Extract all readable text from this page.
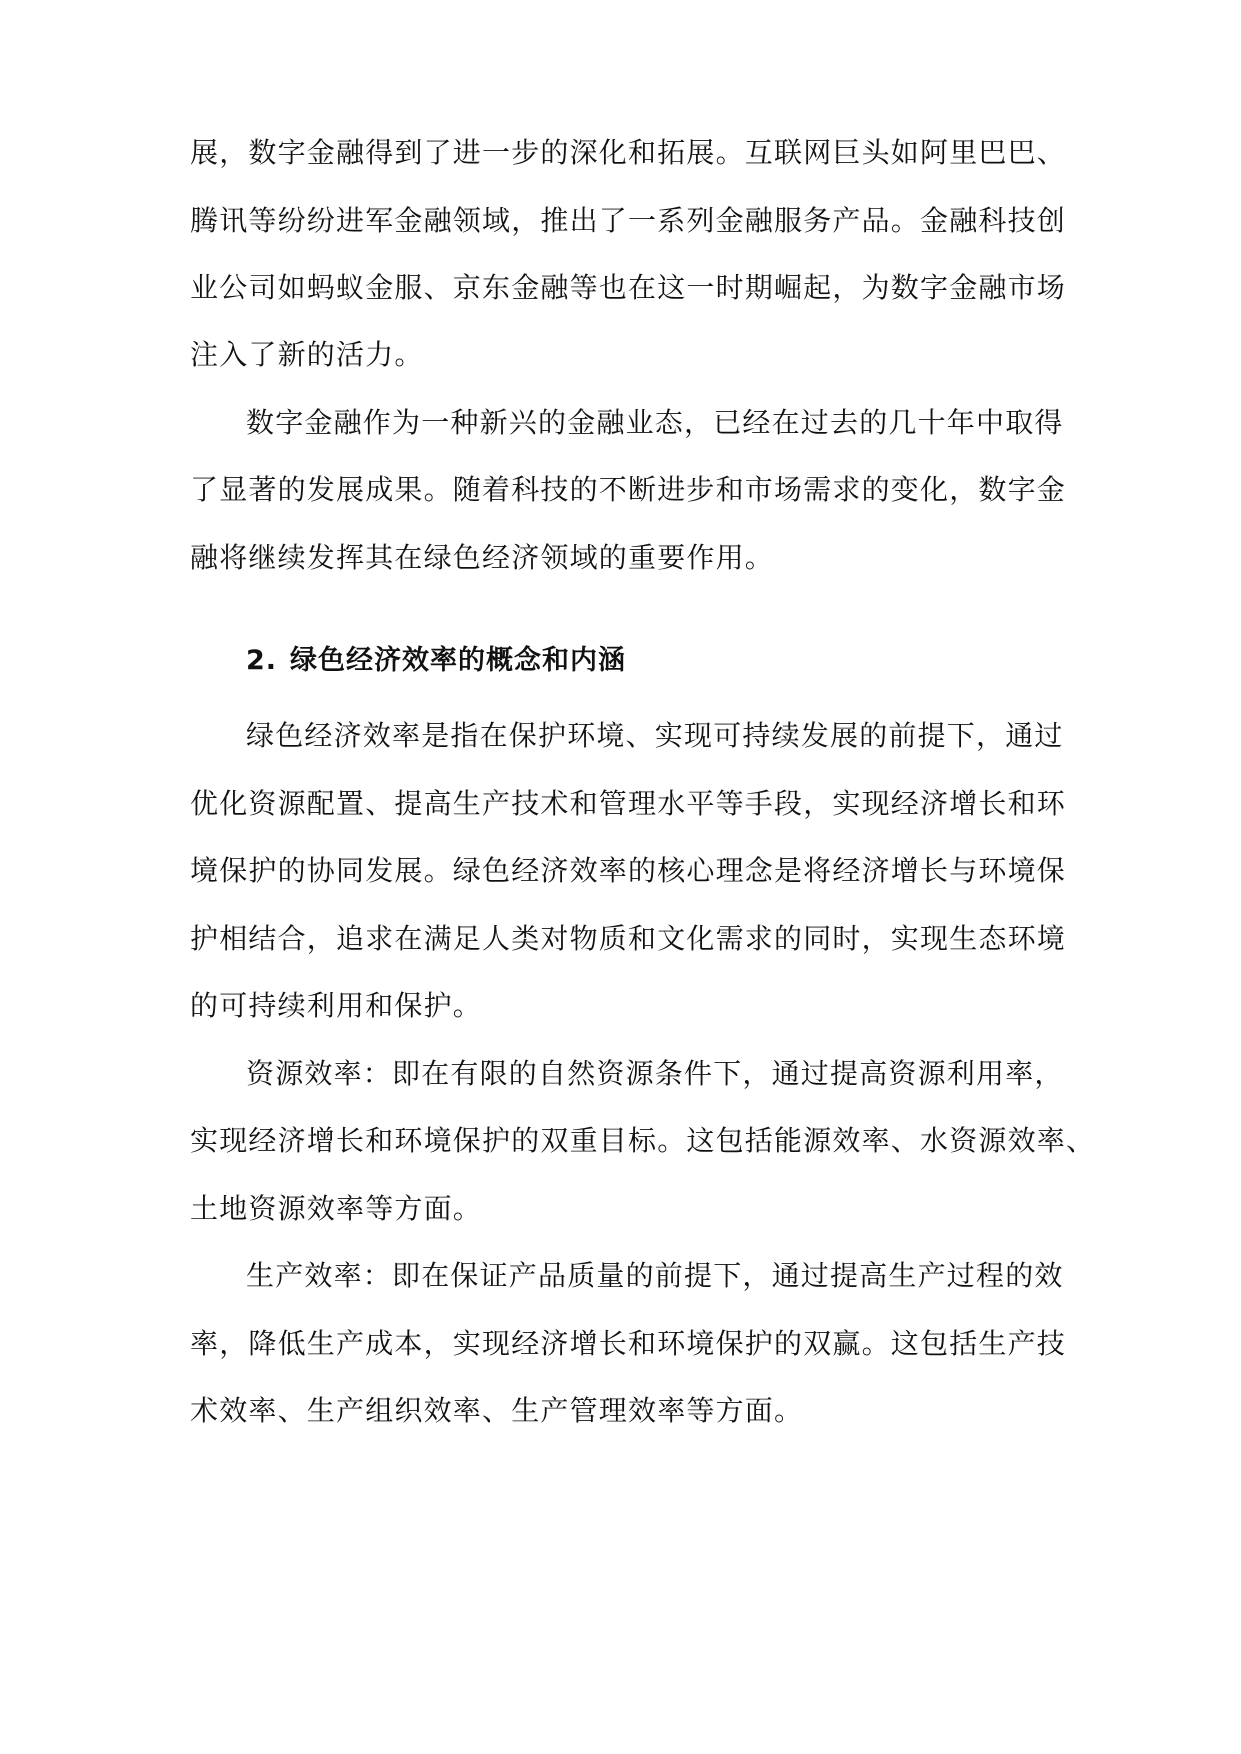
展，数字金融得到了进一步的深化和拓展。互联网巨头如阿里巴巴、

腾讯等纷纷进军金融领域，推出了一系列金融服务产品。金融科技创

业公司如蚂蚁金服、京东金融等也在这一时期崛起，为数字金融市场

注入了新的活力。

数字金融作为一种新兴的金融业态，已经在过去的几十年中取得

了显著的发展成果。随着科技的不断进步和市场需求的变化，数字金

融将继续发挥其在绿色经济领域的重要作用。

2. 绿色经济效率的概念和内涵

绿色经济效率是指在保护环境、实现可持续发展的前提下，通过

优化资源配置、提高生产技术和管理水平等手段，实现经济增长和环

境保护的协同发展。绿色经济效率的核心理念是将经济增长与环境保

护相结合，追求在满足人类对物质和文化需求的同时，实现生态环境

的可持续利用和保护。

资源效率：即在有限的自然资源条件下，通过提高资源利用率，

实现经济增长和环境保护的双重目标。这包括能源效率、水资源效率、

土地资源效率等方面。

生产效率：即在保证产品质量的前提下，通过提高生产过程的效

率，降低生产成本，实现经济增长和环境保护的双赢。这包括生产技

术效率、生产组织效率、生产管理效率等方面。
